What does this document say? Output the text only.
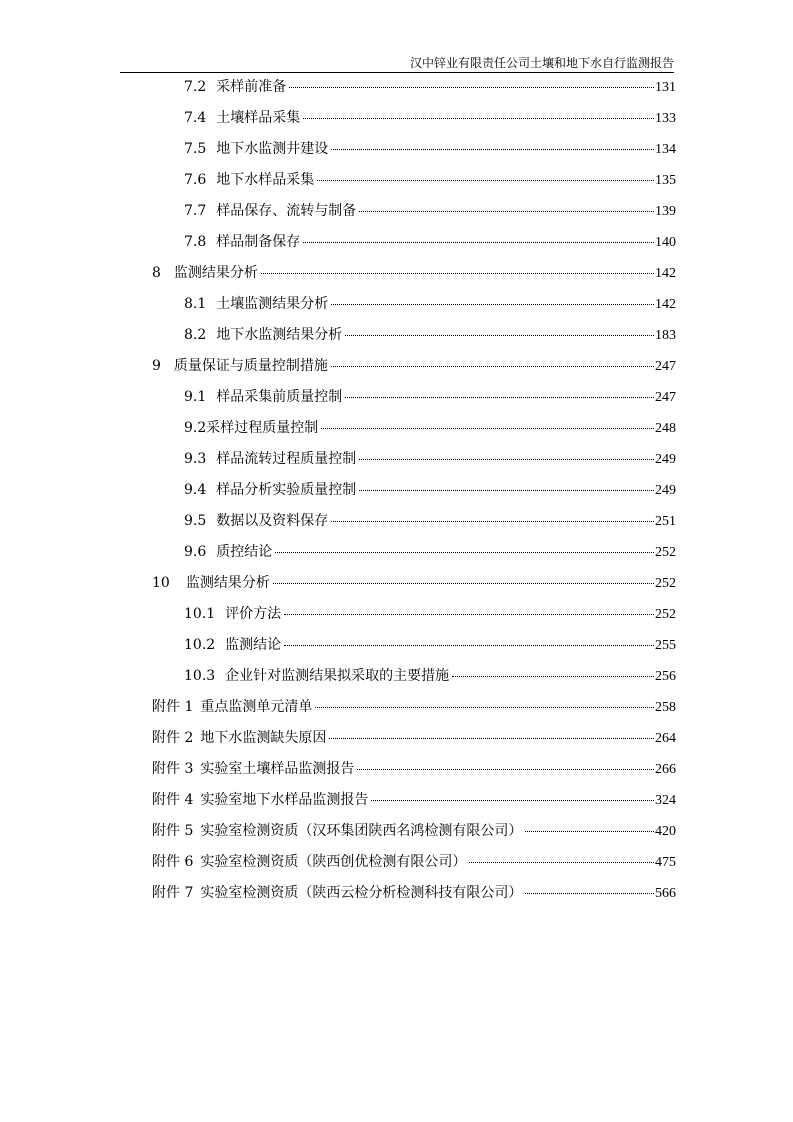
汉中锌业有限责任公司土壤和地下水自行监测报告
7.2 采样前准备	131
7.4 土壤样品采集	133
7.5 地下水监测井建设	134
7.6 地下水样品采集	135
7.7 样品保存、流转与制备	139
7.8 样品制备保存	140
8 监测结果分析	142
8.1 土壤监测结果分析	142
8.2 地下水监测结果分析	183
9 质量保证与质量控制措施	247
9.1 样品采集前质量控制	247
9.2 采样过程质量控制	248
9.3 样品流转过程质量控制	249
9.4 样品分析实验质量控制	249
9.5 数据以及资料保存	251
9.6 质控结论	252
10 监测结果分析	252
10.1 评价方法	252
10.2 监测结论	255
10.3 企业针对监测结果拟采取的主要措施	256
附件 1 重点监测单元清单	258
附件 2 地下水监测缺失原因	264
附件 3 实验室土壤样品监测报告	266
附件 4 实验室地下水样品监测报告	324
附件 5 实验室检测资质（汉环集团陕西名鸿检测有限公司）	420
附件 6 实验室检测资质（陕西创优检测有限公司）	475
附件 7 实验室检测资质（陕西云检分析检测科技有限公司）	566
